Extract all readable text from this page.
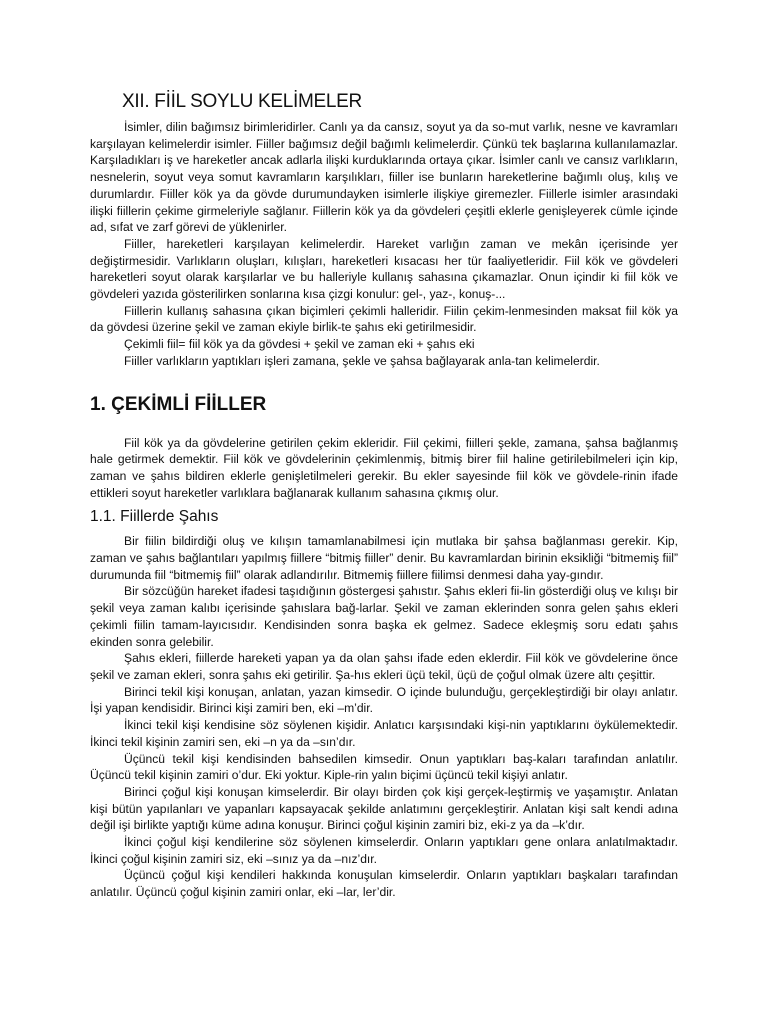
XII. FİİL SOYLU KELİMELER

İsimler, dilin bağımsız birimleridirler. Canlı ya da cansız, soyut ya da so-mut varlık, nesne ve kavramları karşılayan kelimelerdir isimler. Fiiller bağımsız değil bağımlı kelimelerdir. Çünkü tek başlarına kullanılamazlar. Karşıladıkları iş ve hareketler ancak adlarla ilişki kurduklarında ortaya çıkar. İsimler canlı ve cansız varlıkların, nesnelerin, soyut veya somut kavramların karşılıkları, fiiller ise bunların hareketlerine bağımlı oluş, kılış ve durumlardır. Fiiller kök ya da gövde durumundayken isimlerle ilişkiye giremezler. Fiillerle isimler arasındaki ilişki fiillerin çekime girmeleriyle sağlanır. Fiillerin kök ya da gövdeleri çeşitli eklerle genişleyerek cümle içinde ad, sıfat ve zarf görevi de yüklenirler.

Fiiller, hareketleri karşılayan kelimelerdir. Hareket varlığın zaman ve mekân içerisinde yer değiştirmesidir. Varlıkların oluşları, kılışları, hareketleri kısacası her tür faaliyetleridir. Fiil kök ve gövdeleri hareketleri soyut olarak karşılarlar ve bu halleriyle kullanış sahasına çıkamazlar. Onun içindir ki fiil kök ve gövdeleri yazıda gösterilirken sonlarına kısa çizgi konulur: gel-, yaz-, konuş-...

Fiillerin kullanış sahasına çıkan biçimleri çekimli halleridir. Fiilin çekim-lenmesinden maksat fiil kök ya da gövdesi üzerine şekil ve zaman ekiyle birlik-te şahıs eki getirilmesidir.

Çekimli fiil= fiil kök ya da gövdesi + şekil ve zaman eki + şahıs eki

Fiiller varlıkların yaptıkları işleri zamana, şekle ve şahsa bağlayarak anla-tan kelimelerdir.

1. ÇEKİMLİ FİİLLER

Fiil kök ya da gövdelerine getirilen çekim ekleridir. Fiil çekimi, fiilleri şekle, zamana, şahsa bağlanmış hale getirmek demektir. Fiil kök ve gövdelerinin çekimlenmiş, bitmiş birer fiil haline getirilebilmeleri için kip, zaman ve şahıs bildiren eklerle genişletilmeleri gerekir. Bu ekler sayesinde fiil kök ve gövdele-rinin ifade ettikleri soyut hareketler varlıklara bağlanarak kullanım sahasına çıkmış olur.

1.1. Fiillerde Şahıs

Bir fiilin bildirdiği oluş ve kılışın tamamlanabilmesi için mutlaka bir şahsa bağlanması gerekir. Kip, zaman ve şahıs bağlantıları yapılmış fiillere “bitmiş fiiller” denir. Bu kavramlardan birinin eksikliği “bitmemiş fiil” durumunda fiil “bitmemiş fiil” olarak adlandırılır. Bitmemiş fiillere fiilimsi denmesi daha yay-gındır.

Bir sözcüğün hareket ifadesi taşıdığının göstergesi şahıstır. Şahıs ekleri fii-lin gösterdiği oluş ve kılışı bir şekil veya zaman kalıbı içerisinde şahıslara bağ-larlar. Şekil ve zaman eklerinden sonra gelen şahıs ekleri çekimli fiilin tamam-layıcısıdır. Kendisinden sonra başka ek gelmez. Sadece ekleşmiş soru edatı şahıs ekinden sonra gelebilir.

Şahıs ekleri, fiillerde hareketi yapan ya da olan şahsı ifade eden eklerdir. Fiil kök ve gövdelerine önce şekil ve zaman ekleri, sonra şahıs eki getirilir. Şa-hıs ekleri üçü tekil, üçü de çoğul olmak üzere altı çeşittir.

Birinci tekil kişi konuşan, anlatan, yazan kimsedir. O içinde bulunduğu, gerçekleştirdiği bir olayı anlatır. İşi yapan kendisidir. Birinci kişi zamiri ben, eki –m’dir.

İkinci tekil kişi kendisine söz söylenen kişidir. Anlatıcı karşısındaki kişi-nin yaptıklarını öykülemektedir. İkinci tekil kişinin zamiri sen, eki –n ya da –sın’dır.

Üçüncü tekil kişi kendisinden bahsedilen kimsedir. Onun yaptıkları baş-kaları tarafından anlatılır. Üçüncü tekil kişinin zamiri o’dur. Eki yoktur. Kiple-rin yalın biçimi üçüncü tekil kişiyi anlatır.

Birinci çoğul kişi konuşan kimselerdir. Bir olayı birden çok kişi gerçek-leştirmiş ve yaşamıştır. Anlatan kişi bütün yapılanları ve yapanları kapsayacak şekilde anlatımını gerçekleştirir. Anlatan kişi salt kendi adına değil işi birlikte yaptığı küme adına konuşur. Birinci çoğul kişinin zamiri biz, eki-z ya da –k’dır.

İkinci çoğul kişi kendilerine söz söylenen kimselerdir. Onların yaptıkları gene onlara anlatılmaktadır. İkinci çoğul kişinin zamiri siz, eki –sınız ya da –nız’dır.

Üçüncü çoğul kişi kendileri hakkında konuşulan kimselerdir. Onların yaptıkları başkaları tarafından anlatılır. Üçüncü çoğul kişinin zamiri onlar, eki –lar, ler’dir.
